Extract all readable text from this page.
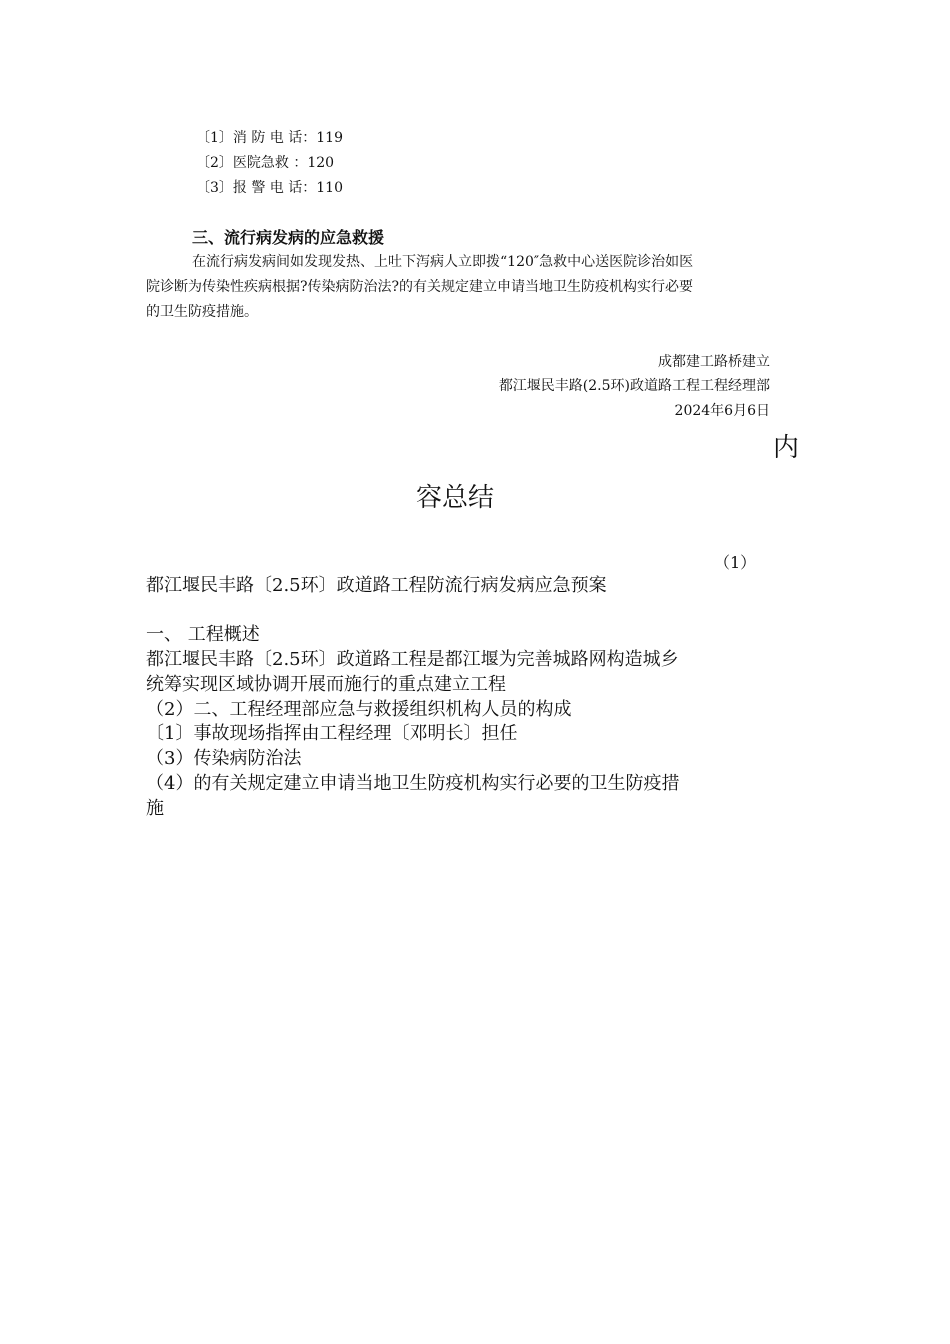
〔1〕消 防 电 话：119
〔2〕医院急救 ：120
〔3〕报 警 电 话：110
三、流行病发病的应急救援
在流行病发病间如发现发热、上吐下泻病人立即拨“120″急救中心送医院诊治如医
院诊断为传染性疾病根据?传染病防治法?的有关规定建立申请当地卫生防疫机构实行必要
的卫生防疫措施。
成都建工路桥建立
都江堰民丰路(2.5环)政道路工程工程经理部
2024年6月6日
内
容总结
（1）
都江堰民丰路〔2.5环〕政道路工程防流行病发病应急预案
一、 工程概述
都江堰民丰路〔2.5环〕政道路工程是都江堰为完善城路网构造城乡
统筹实现区域协调开展而施行的重点建立工程
（2）二、工程经理部应急与救援组织机构人员的构成
〔1〕事故现场指挥由工程经理〔邓明长〕担任
（3）传染病防治法
（4）的有关规定建立申请当地卫生防疫机构实行必要的卫生防疫措
施
